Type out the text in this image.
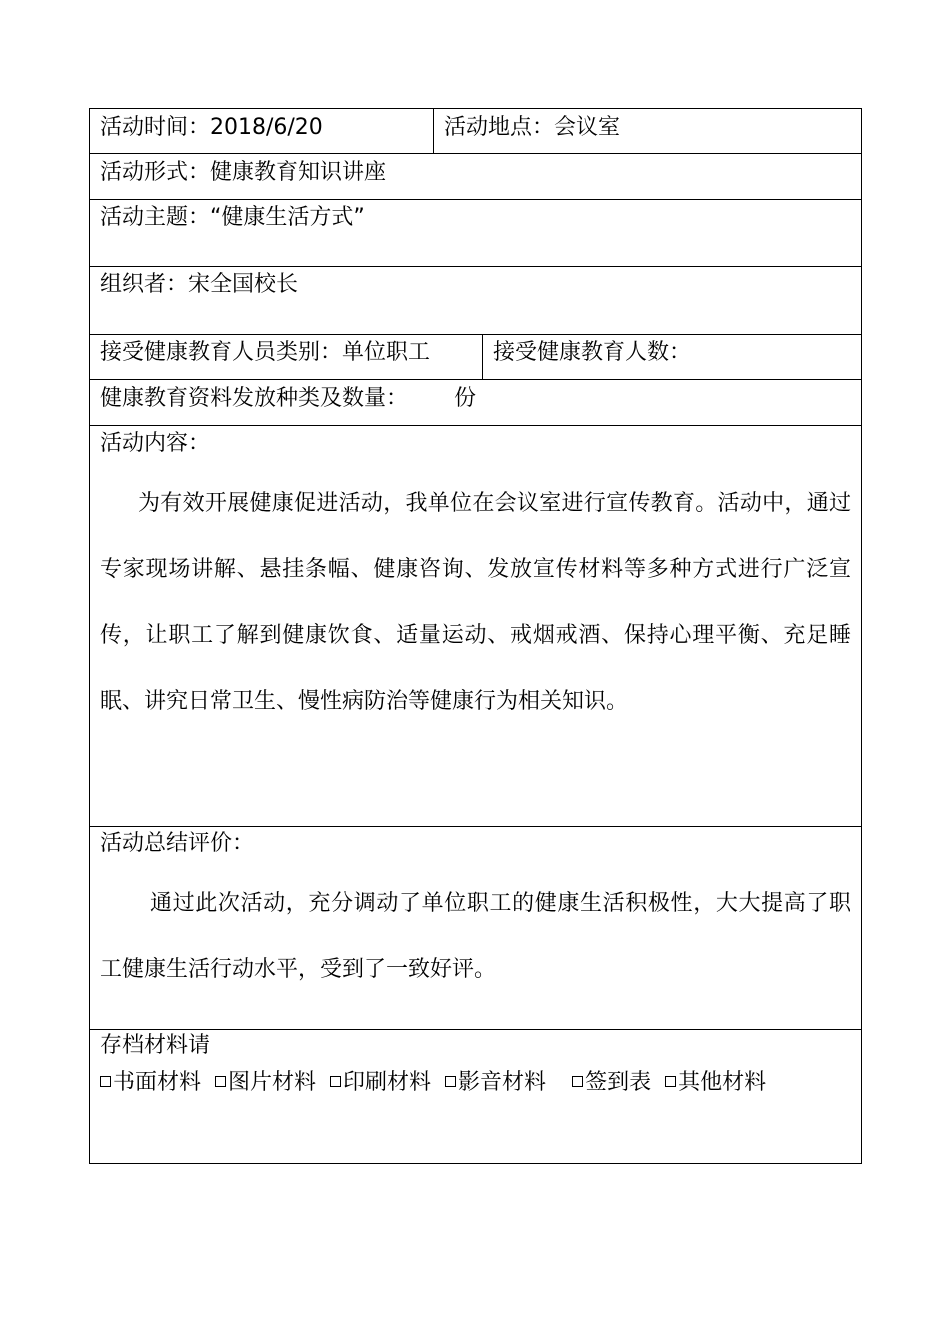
活动时间：2018/6/20	活动地点：会议室
活动形式：健康教育知识讲座
活动主题：“健康生活方式”
组织者：宋全国校长
接受健康教育人员类别：单位职工	接受健康教育人数：
健康教育资料发放种类及数量： 份
活动内容：
为有效开展健康促进活动，我单位在会议室进行宣传教育。活动中，通过专家现场讲解、悬挂条幅、健康咨询、发放宣传材料等多种方式进行广泛宣传，让职工了解到健康饮食、适量运动、戒烟戒酒、保持心理平衡、充足睡眠、讲究日常卫生、慢性病防治等健康行为相关知识。
活动总结评价：
通过此次活动，充分调动了单位职工的健康生活积极性，大大提高了职工健康生活行动水平，受到了一致好评。
存档材料请
书面材料 图片材料 印刷材料 影音材料 签到表 其他材料
